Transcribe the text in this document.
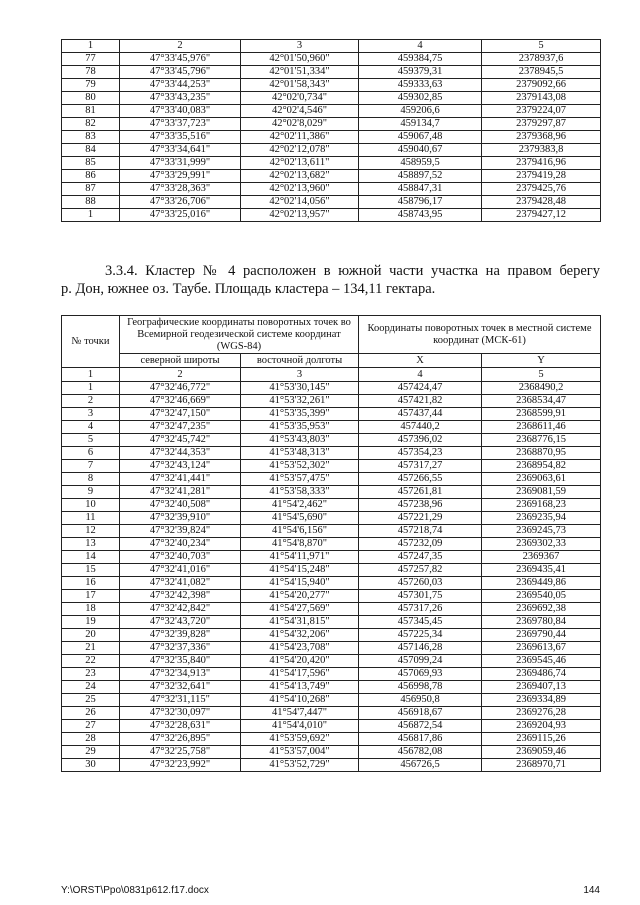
1	2	3	4	5
77	47°33'45,976"	42°01'50,960"	459384,75	2378937,6
78	47°33'45,796"	42°01'51,334"	459379,31	2378945,5
79	47°33'44,253"	42°01'58,343"	459333,63	2379092,66
80	47°33'43,235"	42°02'0,734"	459302,85	2379143,08
81	47°33'40,083"	42°02'4,546"	459206,6	2379224,07
82	47°33'37,723"	42°02'8,029"	459134,7	2379297,87
83	47°33'35,516"	42°02'11,386"	459067,48	2379368,96
84	47°33'34,641"	42°02'12,078"	459040,67	2379383,8
85	47°33'31,999"	42°02'13,611"	458959,5	2379416,96
86	47°33'29,991"	42°02'13,682"	458897,52	2379419,28
87	47°33'28,363"	42°02'13,960"	458847,31	2379425,76
88	47°33'26,706"	42°02'14,056"	458796,17	2379428,48
1	47°33'25,016"	42°02'13,957"	458743,95	2379427,12

3.3.4. Кластер № 4 расположен в южной части участка на правом берегу
р. Дон, южнее оз. Таубе. Площадь кластера – 134,11 гектара.

№ точки	Географические координаты поворотных точек во Всемирной геодезической системе координат (WGS-84)		Координаты поворотных точек в местной системе координат (МСК-61)	
	северной широты	восточной долготы	X	Y
1	2	3	4	5
1	47°32'46,772"	41°53'30,145"	457424,47	2368490,2
2	47°32'46,669"	41°53'32,261"	457421,82	2368534,47
3	47°32'47,150"	41°53'35,399"	457437,44	2368599,91
4	47°32'47,235"	41°53'35,953"	457440,2	2368611,46
5	47°32'45,742"	41°53'43,803"	457396,02	2368776,15
6	47°32'44,353"	41°53'48,313"	457354,23	2368870,95
7	47°32'43,124"	41°53'52,302"	457317,27	2368954,82
8	47°32'41,441"	41°53'57,475"	457266,55	2369063,61
9	47°32'41,281"	41°53'58,333"	457261,81	2369081,59
10	47°32'40,508"	41°54'2,462"	457238,96	2369168,23
11	47°32'39,910"	41°54'5,690"	457221,29	2369235,94
12	47°32'39,824"	41°54'6,156"	457218,74	2369245,73
13	47°32'40,234"	41°54'8,870"	457232,09	2369302,33
14	47°32'40,703"	41°54'11,971"	457247,35	2369367
15	47°32'41,016"	41°54'15,248"	457257,82	2369435,41
16	47°32'41,082"	41°54'15,940"	457260,03	2369449,86
17	47°32'42,398"	41°54'20,277"	457301,75	2369540,05
18	47°32'42,842"	41°54'27,569"	457317,26	2369692,38
19	47°32'43,720"	41°54'31,815"	457345,45	2369780,84
20	47°32'39,828"	41°54'32,206"	457225,34	2369790,44
21	47°32'37,336"	41°54'23,708"	457146,28	2369613,67
22	47°32'35,840"	41°54'20,420"	457099,24	2369545,46
23	47°32'34,913"	41°54'17,596"	457069,93	2369486,74
24	47°32'32,641"	41°54'13,749"	456998,78	2369407,13
25	47°32'31,115"	41°54'10,268"	456950,8	2369334,89
26	47°32'30,097"	41°54'7,447"	456918,67	2369276,28
27	47°32'28,631"	41°54'4,010"	456872,54	2369204,93
28	47°32'26,895"	41°53'59,692"	456817,86	2369115,26
29	47°32'25,758"	41°53'57,004"	456782,08	2369059,46
30	47°32'23,992"	41°53'52,729"	456726,5	2368970,71
Y:\ORST\Ppo\0831p612.f17.docx	144
